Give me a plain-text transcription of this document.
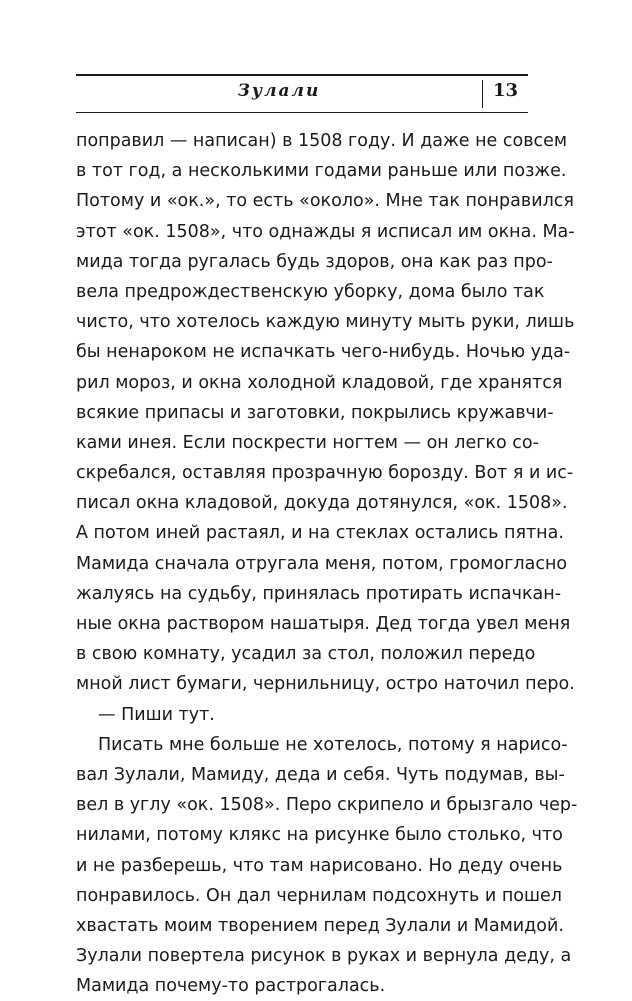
Зулали	13
поправил — написан) в 1508 году. И даже не совсем
в тот год, а несколькими годами раньше или позже.
Потому и «ок.», то есть «около». Мне так понравился
этот «ок. 1508», что однажды я исписал им окна. Ма-
мида тогда ругалась будь здоров, она как раз про-
вела предрождественскую уборку, дома было так
чисто, что хотелось каждую минуту мыть руки, лишь
бы ненароком не испачкать чего-нибудь. Ночью уда-
рил мороз, и окна холодной кладовой, где хранятся
всякие припасы и заготовки, покрылись кружавчи-
ками инея. Если поскрести ногтем — он легко со-
скребался, оставляя прозрачную борозду. Вот я и ис-
писал окна кладовой, докуда дотянулся, «ок. 1508».
А потом иней растаял, и на стеклах остались пятна.
Мамида сначала отругала меня, потом, громогласно
жалуясь на судьбу, принялась протирать испачкан-
ные окна раствором нашатыря. Дед тогда увел меня
в свою комнату, усадил за стол, положил передо
мной лист бумаги, чернильницу, остро наточил перо.
— Пиши тут.
Писать мне больше не хотелось, потому я нарисо-
вал Зулали, Мамиду, деда и себя. Чуть подумав, вы-
вел в углу «ок. 1508». Перо скрипело и брызгало чер-
нилами, потому клякс на рисунке было столько, что
и не разберешь, что там нарисовано. Но деду очень
понравилось. Он дал чернилам подсохнуть и пошел
хвастать моим творением перед Зулали и Мамидой.
Зулали повертела рисунок в руках и вернула деду, а
Мамида почему-то растрогалась.
